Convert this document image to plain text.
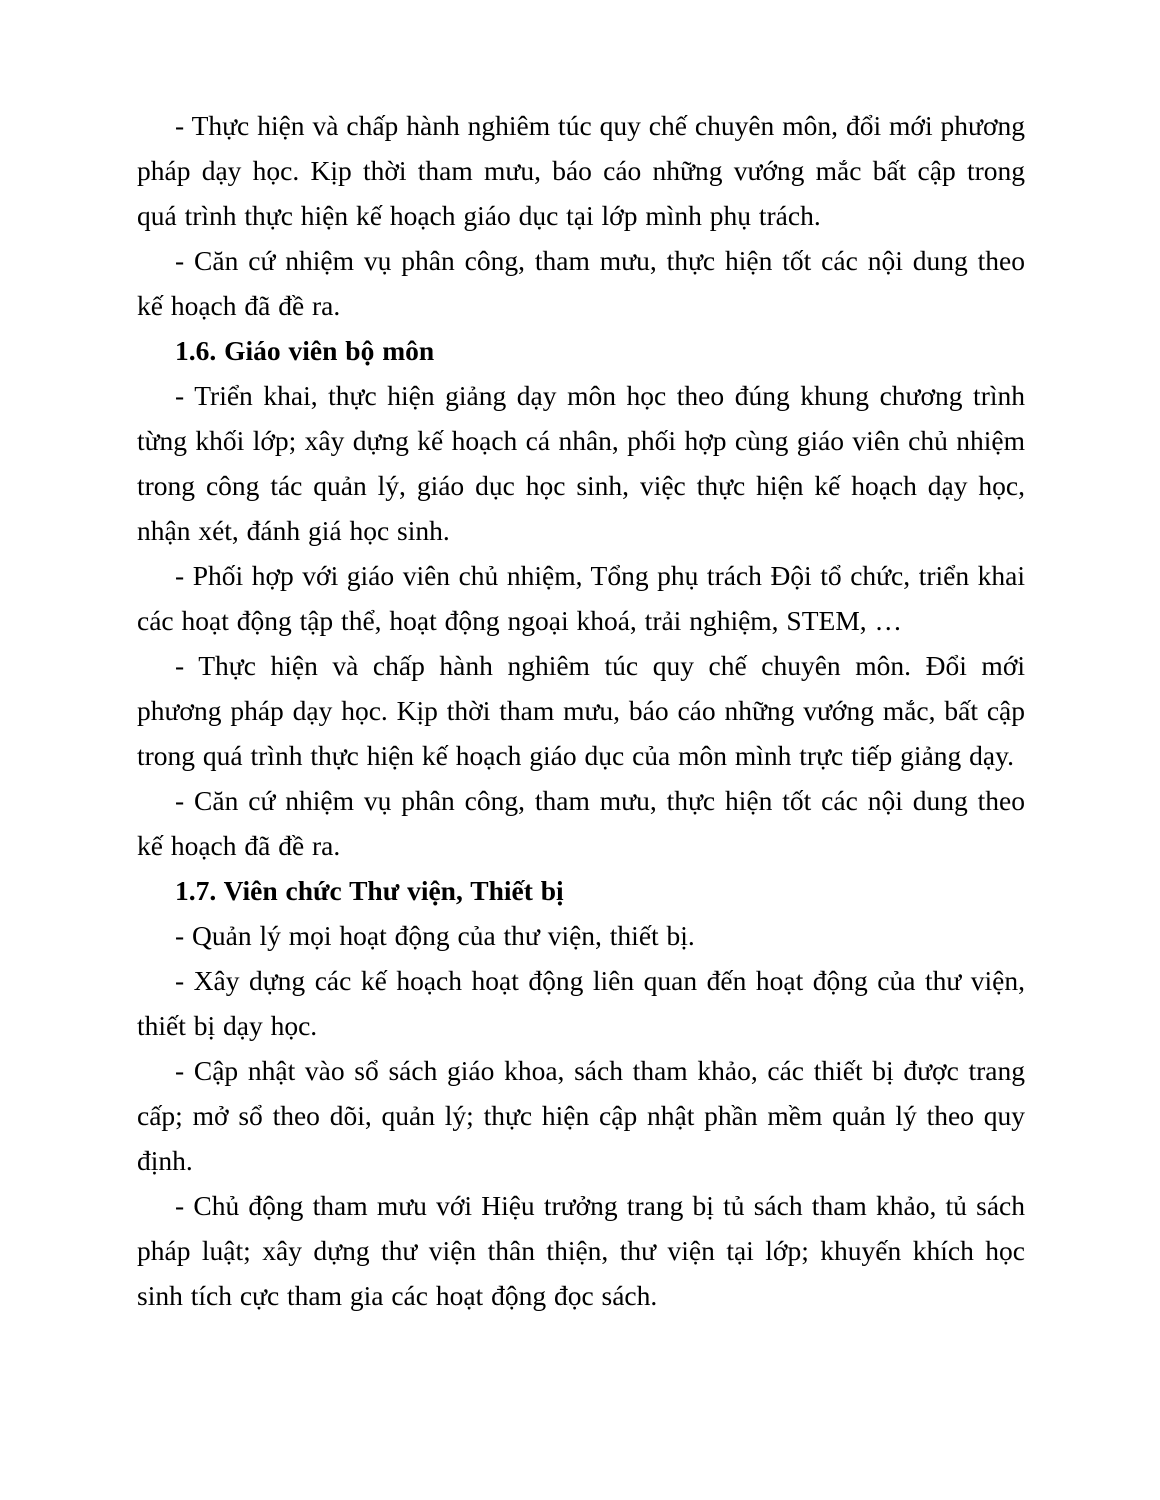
- Thực hiện và chấp hành nghiêm túc quy chế chuyên môn, đổi mới phương pháp dạy học. Kịp thời tham mưu, báo cáo những vướng mắc bất cập trong quá trình thực hiện kế hoạch giáo dục tại lớp mình phụ trách.

- Căn cứ nhiệm vụ phân công, tham mưu, thực hiện tốt các nội dung theo kế hoạch đã đề ra.

1.6. Giáo viên bộ môn

- Triển khai, thực hiện giảng dạy môn học theo đúng khung chương trình từng khối lớp; xây dựng kế hoạch cá nhân, phối hợp cùng giáo viên chủ nhiệm trong công tác quản lý, giáo dục học sinh, việc thực hiện kế hoạch dạy học, nhận xét, đánh giá học sinh.

- Phối hợp với giáo viên chủ nhiệm, Tổng phụ trách Đội tổ chức, triển khai các hoạt động tập thể, hoạt động ngoại khoá, trải nghiệm, STEM, …

- Thực hiện và chấp hành nghiêm túc quy chế chuyên môn. Đổi mới phương pháp dạy học. Kịp thời tham mưu, báo cáo những vướng mắc, bất cập trong quá trình thực hiện kế hoạch giáo dục của môn mình trực tiếp giảng dạy.

- Căn cứ nhiệm vụ phân công, tham mưu, thực hiện tốt các nội dung theo kế hoạch đã đề ra.

1.7. Viên chức Thư viện, Thiết bị

- Quản lý mọi hoạt động của thư viện, thiết bị.

- Xây dựng các kế hoạch hoạt động liên quan đến hoạt động của thư viện, thiết bị dạy học.

- Cập nhật vào sổ sách giáo khoa, sách tham khảo, các thiết bị được trang cấp; mở sổ theo dõi, quản lý; thực hiện cập nhật phần mềm quản lý theo quy định.

- Chủ động tham mưu với Hiệu trưởng trang bị tủ sách tham khảo, tủ sách pháp luật; xây dựng thư viện thân thiện, thư viện tại lớp; khuyến khích học sinh tích cực tham gia các hoạt động đọc sách.
